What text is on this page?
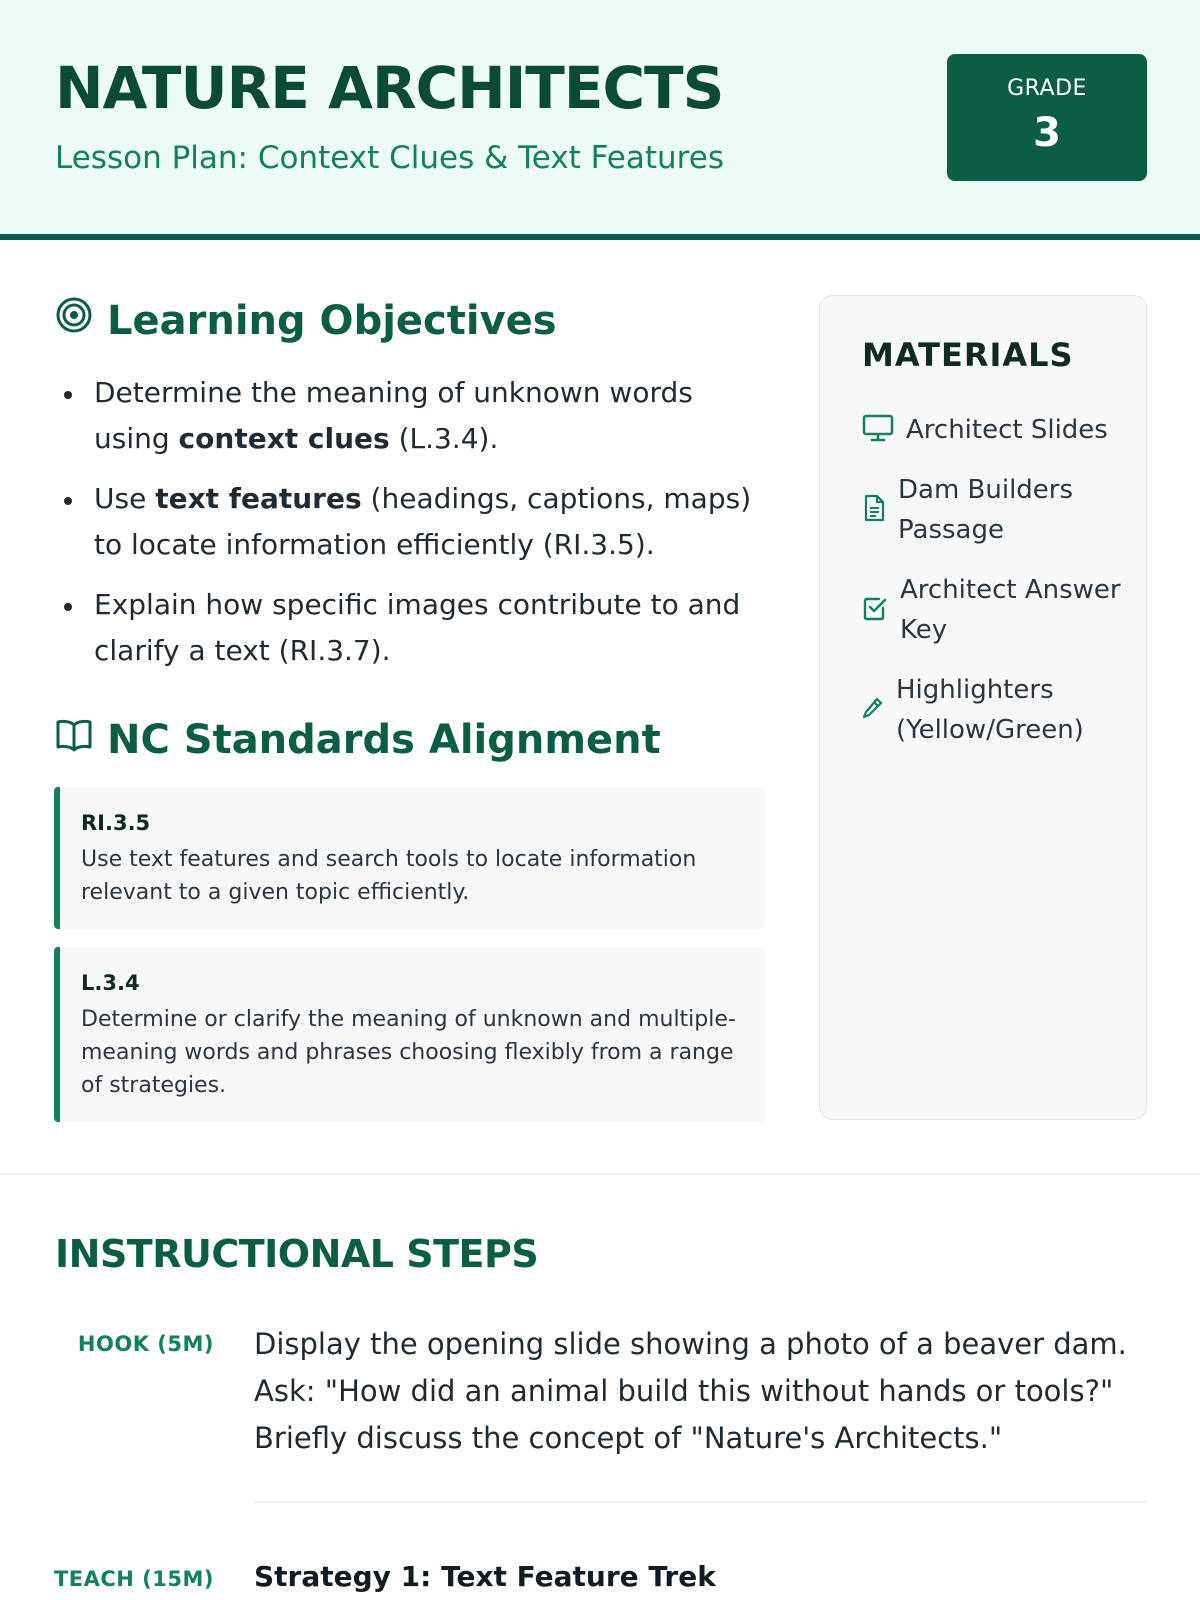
NATURE ARCHITECTS
Lesson Plan: Context Clues & Text Features
GRADE
3
Learning Objectives
Determine the meaning of unknown words using context clues (L.3.4).
Use text features (headings, captions, maps) to locate information efficiently (RI.3.5).
Explain how specific images contribute to and clarify a text (RI.3.7).
NC Standards Alignment
RI.3.5
Use text features and search tools to locate information relevant to a given topic efficiently.
L.3.4
Determine or clarify the meaning of unknown and multiple-meaning words and phrases choosing flexibly from a range of strategies.
MATERIALS
Architect Slides
Dam Builders Passage
Architect Answer Key
Highlighters (Yellow/Green)
INSTRUCTIONAL STEPS
HOOK (5M) Display the opening slide showing a photo of a beaver dam. Ask: "How did an animal build this without hands or tools?" Briefly discuss the concept of "Nature's Architects."
TEACH (15M) Strategy 1: Text Feature Trek
